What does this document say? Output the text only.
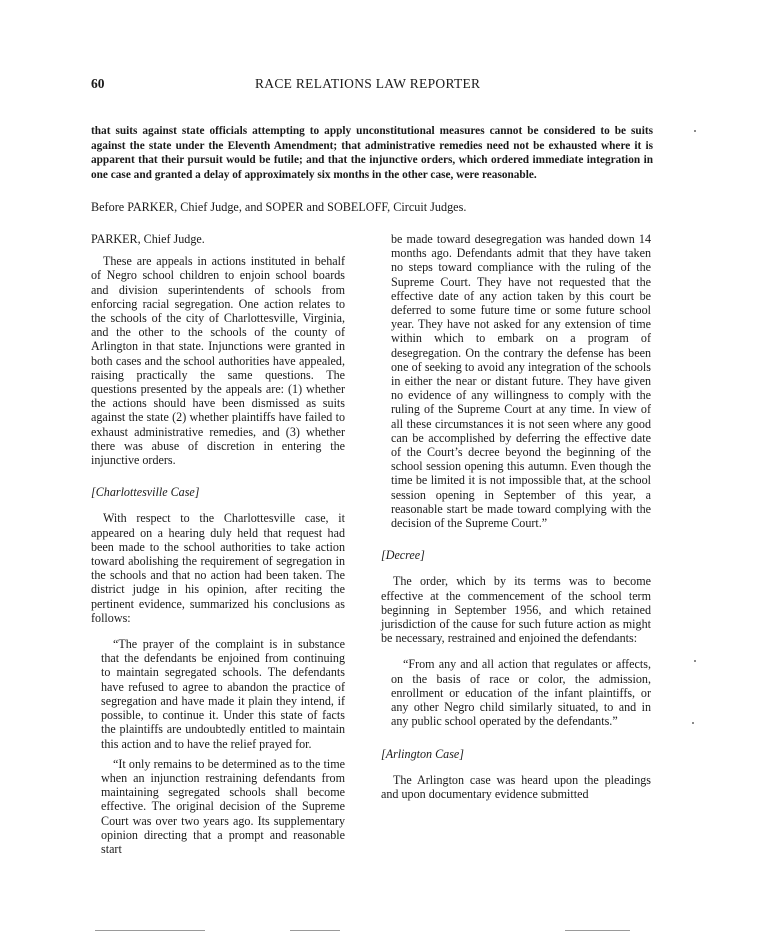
60	RACE RELATIONS LAW REPORTER

that suits against state officials attempting to apply unconstitutional measures cannot be considered to be suits against the state under the Eleventh Amendment; that administrative remedies need not be exhausted where it is apparent that their pursuit would be futile; and that the injunctive orders, which ordered immediate integration in one case and granted a delay of approximately six months in the other case, were reasonable.

Before PARKER, Chief Judge, and SOPER and SOBELOFF, Circuit Judges.

PARKER, Chief Judge.

These are appeals in actions instituted in behalf of Negro school children to enjoin school boards and division superintendents of schools from enforcing racial segregation. One action relates to the schools of the city of Charlottesville, Virginia, and the other to the schools of the county of Arlington in that state. Injunctions were granted in both cases and the school authorities have appealed, raising practically the same questions. The questions presented by the appeals are: (1) whether the actions should have been dismissed as suits against the state (2) whether plaintiffs have failed to exhaust administrative remedies, and (3) whether there was abuse of discretion in entering the injunctive orders.

[Charlottesville Case]

With respect to the Charlottesville case, it appeared on a hearing duly held that request had been made to the school authorities to take action toward abolishing the requirement of segregation in the schools and that no action had been taken. The district judge in his opinion, after reciting the pertinent evidence, summarized his conclusions as follows:

“The prayer of the complaint is in substance that the defendants be enjoined from continuing to maintain segregated schools. The defendants have refused to agree to abandon the practice of segregation and have made it plain they intend, if possible, to continue it. Under this state of facts the plaintiffs are undoubtedly entitled to maintain this action and to have the relief prayed for.

“It only remains to be determined as to the time when an injunction restraining defendants from maintaining segregated schools shall become effective. The original decision of the Supreme Court was over two years ago. Its supplementary opinion directing that a prompt and reasonable start

be made toward desegregation was handed down 14 months ago. Defendants admit that they have taken no steps toward compliance with the ruling of the Supreme Court. They have not requested that the effective date of any action taken by this court be deferred to some future time or some future school year. They have not asked for any extension of time within which to embark on a program of desegregation. On the contrary the defense has been one of seeking to avoid any integration of the schools in either the near or distant future. They have given no evidence of any willingness to comply with the ruling of the Supreme Court at any time. In view of all these circumstances it is not seen where any good can be accomplished by deferring the effective date of the Court’s decree beyond the beginning of the school session opening this autumn. Even though the time be limited it is not impossible that, at the school session opening in September of this year, a reasonable start be made toward complying with the decision of the Supreme Court.”

[Decree]

The order, which by its terms was to become effective at the commencement of the school term beginning in September 1956, and which retained jurisdiction of the cause for such future action as might be necessary, restrained and enjoined the defendants:

“From any and all action that regulates or affects, on the basis of race or color, the admission, enrollment or education of the infant plaintiffs, or any other Negro child similarly situated, to and in any public school operated by the defendants.”

[Arlington Case]

The Arlington case was heard upon the pleadings and upon documentary evidence submitted
